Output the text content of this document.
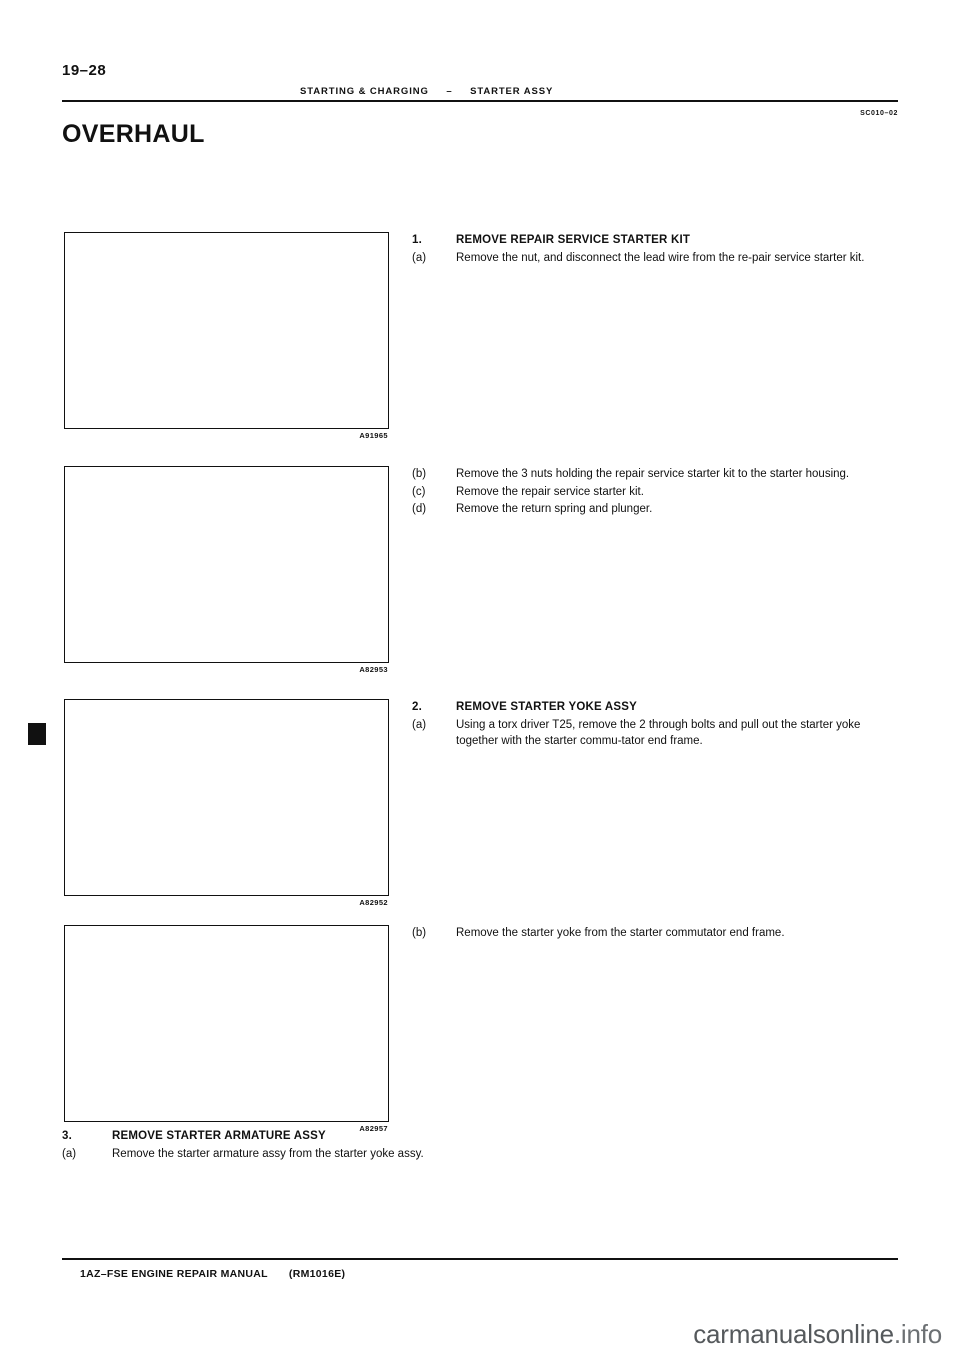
19–28
STARTING & CHARGING – STARTER ASSY
SC010–02
OVERHAUL
A91965
A82953
A82952
A82957
1.	REMOVE REPAIR SERVICE STARTER KIT
(a)	Remove the nut, and disconnect the lead wire from the re-pair service starter kit.
(b)	Remove the 3 nuts holding the repair service starter kit to the starter housing.
(c)	Remove the repair service starter kit.
(d)	Remove the return spring and plunger.
2.	REMOVE STARTER YOKE ASSY
(a)	Using a torx driver T25, remove the 2 through bolts and pull out the starter yoke together with the starter commu-tator end frame.
(b)	Remove the starter yoke from the starter commutator end frame.
3.	REMOVE STARTER ARMATURE ASSY
(a)	Remove the starter armature assy from the starter yoke assy.
1AZ–FSE ENGINE REPAIR MANUAL (RM1016E)
carmanualsonline.info
